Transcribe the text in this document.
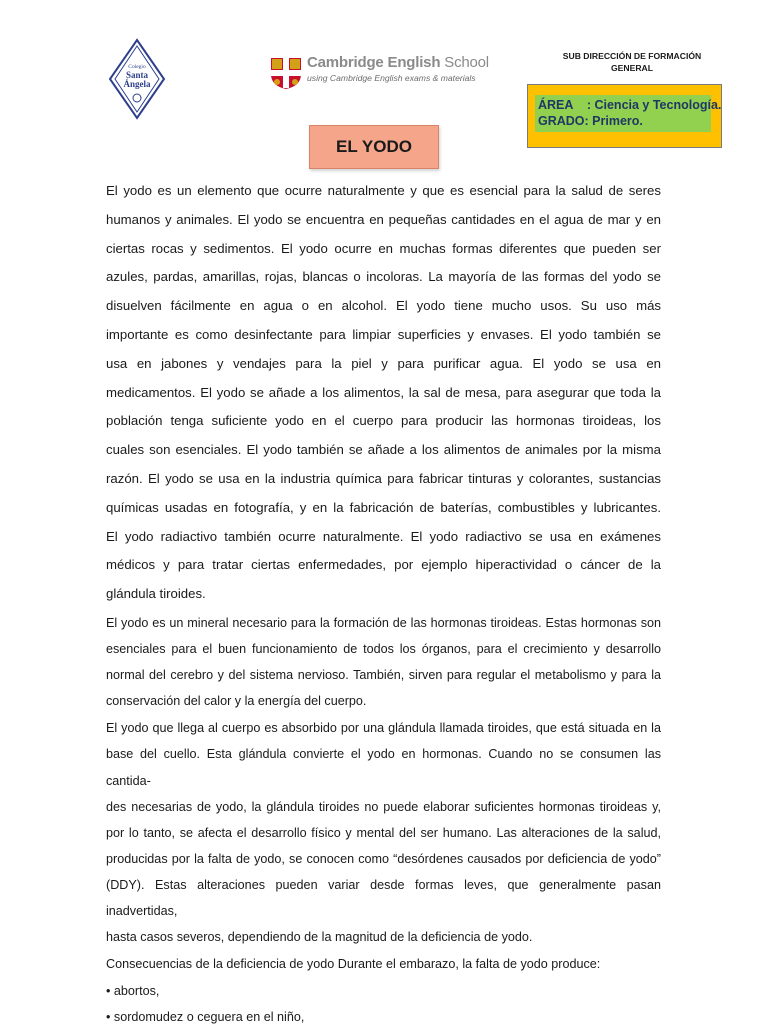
Colegio
Santa
Ángela
Cambridge English School
using Cambridge English exams & materials
SUB DIRECCIÓN DE FORMACIÓN
GENERAL
ÁREA    : Ciencia y Tecnología.
GRADO: Primero.
EL YODO

El yodo es un elemento que ocurre naturalmente y que es esencial para la salud de seres

humanos y animales. El yodo se encuentra en pequeñas cantidades en el agua de mar y en

ciertas rocas y sedimentos. El yodo ocurre en muchas formas diferentes que pueden ser

azules, pardas, amarillas, rojas, blancas o incoloras. La mayoría de las formas del yodo se

disuelven fácilmente en agua o en alcohol. El yodo tiene mucho usos. Su uso más

importante es como desinfectante para limpiar superficies y envases. El yodo también se

usa en jabones y vendajes para la piel y para purificar agua. El yodo se usa en

medicamentos. El yodo se añade a los alimentos, la sal de mesa, para asegurar que toda la

población tenga suficiente yodo en el cuerpo para producir las hormonas tiroideas, los

cuales son esenciales. El yodo también se añade a los alimentos de animales por la misma

razón. El yodo se usa en la industria química para fabricar tinturas y colorantes, sustancias

químicas usadas en fotografía, y en la fabricación de baterías, combustibles y lubricantes.

El yodo radiactivo también ocurre naturalmente. El yodo radiactivo se usa en exámenes

médicos y para tratar ciertas enfermedades, por ejemplo hiperactividad o cáncer de la

glándula tiroides.

El yodo es un mineral necesario para la formación de las hormonas tiroideas. Estas hormonas son

esenciales para el buen funcionamiento de todos los órganos, para el crecimiento y desarrollo

normal del cerebro y del sistema nervioso. También, sirven para regular el metabolismo y para la

conservación del calor y la energía del cuerpo.

El yodo que llega al cuerpo es absorbido por una glándula llamada tiroides, que está situada en la

base del cuello. Esta glándula convierte el yodo en hormonas. Cuando no se consumen las cantida-

des necesarias de yodo, la glándula tiroides no puede elaborar suficientes hormonas tiroideas y,

por lo tanto, se afecta el desarrollo físico y mental del ser humano. Las alteraciones de la salud,

producidas por la falta de yodo, se conocen como “desórdenes causados por deficiencia de yodo”

(DDY). Estas alteraciones pueden variar desde formas leves, que generalmente pasan inadvertidas,

hasta casos severos, dependiendo de la magnitud de la deficiencia de yodo.

Consecuencias de la deficiencia de yodo Durante el embarazo, la falta de yodo produce:

• abortos,

• sordomudez o ceguera en el niño,
